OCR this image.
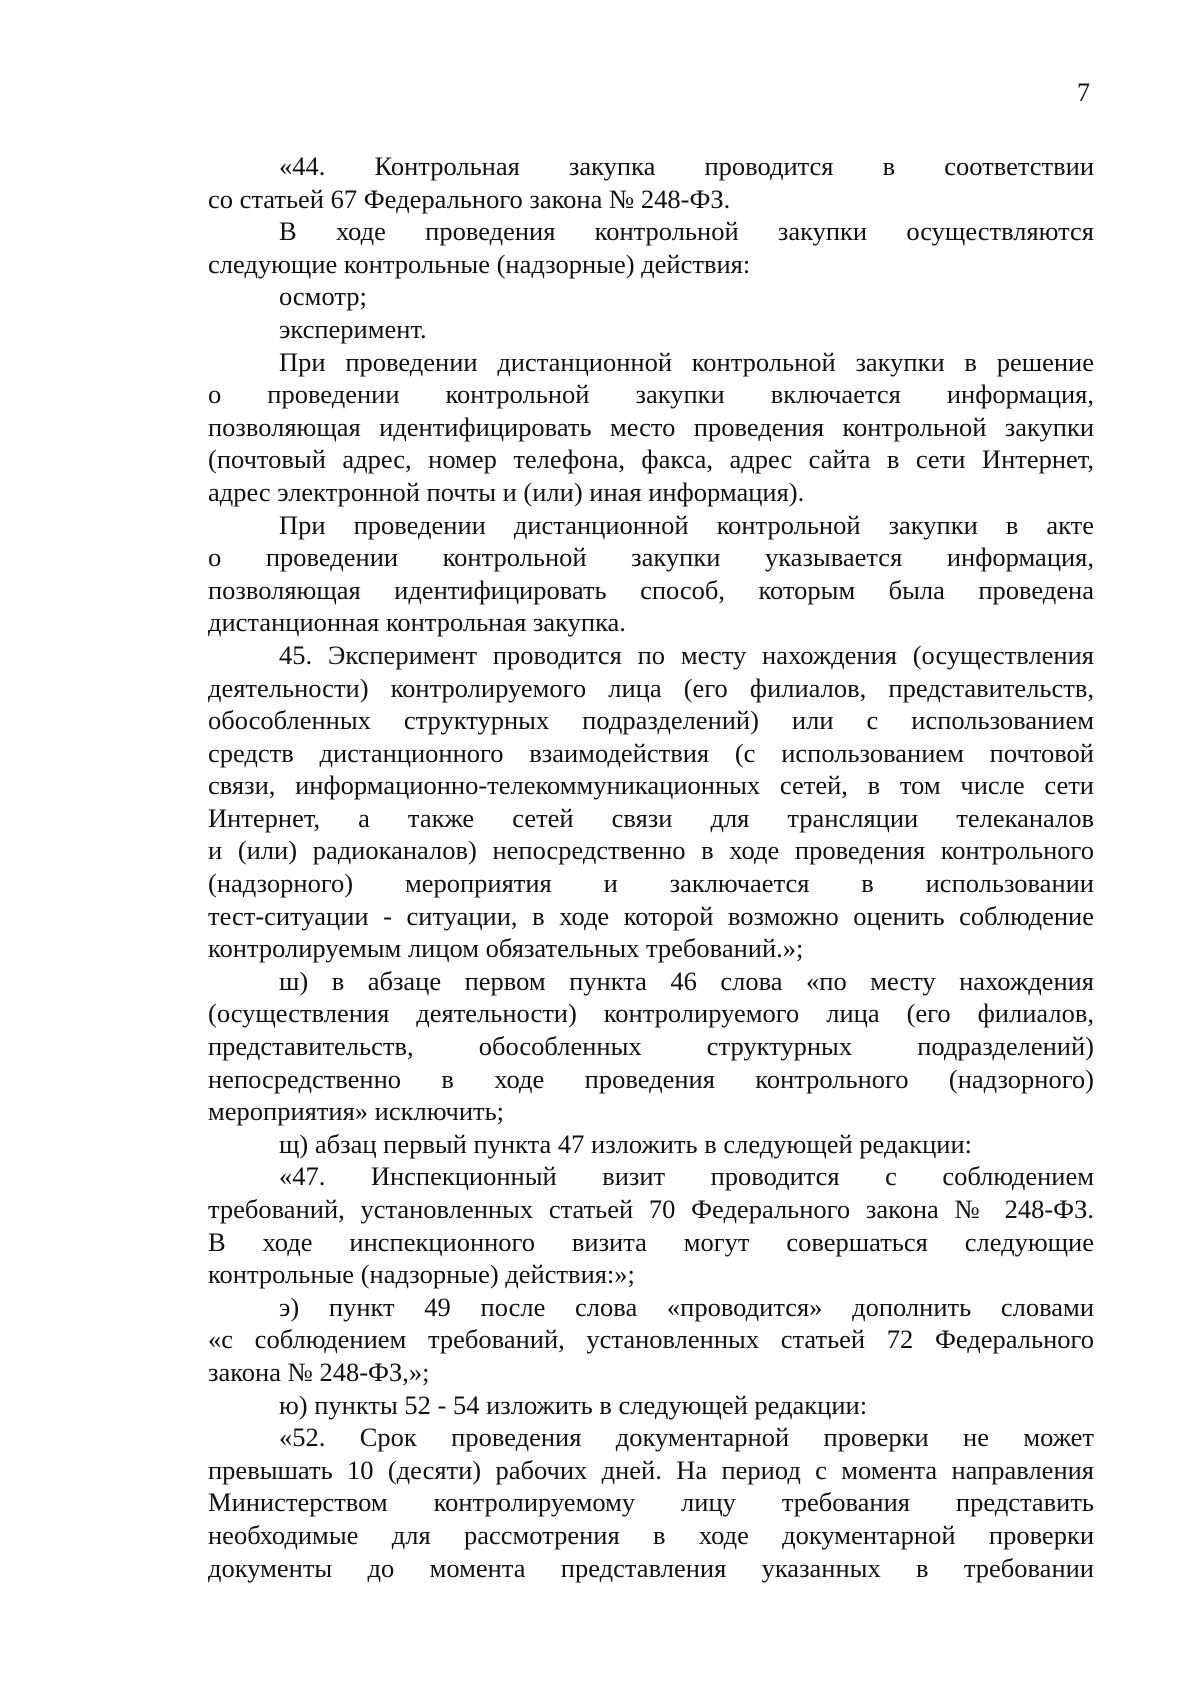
7

«44. Контрольная закупка проводится в соответствии
со статьей 67 Федерального закона № 248-ФЗ.

В ходе проведения контрольной закупки осуществляются
следующие контрольные (надзорные) действия:

осмотр;

эксперимент.

При проведении дистанционной контрольной закупки в решение
о проведении контрольной закупки включается информация,
позволяющая идентифицировать место проведения контрольной закупки
(почтовый адрес, номер телефона, факса, адрес сайта в сети Интернет,
адрес электронной почты и (или) иная информация).

При проведении дистанционной контрольной закупки в акте
о проведении контрольной закупки указывается информация,
позволяющая идентифицировать способ, которым была проведена
дистанционная контрольная закупка.

45. Эксперимент проводится по месту нахождения (осуществления
деятельности) контролируемого лица (его филиалов, представительств,
обособленных структурных подразделений) или с использованием
средств дистанционного взаимодействия (с использованием почтовой
связи, информационно-телекоммуникационных сетей, в том числе сети
Интернет, а также сетей связи для трансляции телеканалов
и (или) радиоканалов) непосредственно в ходе проведения контрольного
(надзорного) мероприятия и заключается в использовании
тест-ситуации - ситуации, в ходе которой возможно оценить соблюдение
контролируемым лицом обязательных требований.»;

ш) в абзаце первом пункта 46 слова «по месту нахождения
(осуществления деятельности) контролируемого лица (его филиалов,
представительств, обособленных структурных подразделений)
непосредственно в ходе проведения контрольного (надзорного)
мероприятия» исключить;

щ) абзац первый пункта 47 изложить в следующей редакции:

«47. Инспекционный визит проводится с соблюдением
требований, установленных статьей 70 Федерального закона № 248-ФЗ.
В ходе инспекционного визита могут совершаться следующие
контрольные (надзорные) действия:»;

э) пункт 49 после слова «проводится» дополнить словами
«с соблюдением требований, установленных статьей 72 Федерального
закона № 248-ФЗ,»;

ю) пункты 52 - 54 изложить в следующей редакции:

«52. Срок проведения документарной проверки не может
превышать 10 (десяти) рабочих дней. На период с момента направления
Министерством контролируемому лицу требования представить
необходимые для рассмотрения в ходе документарной проверки
документы до момента представления указанных в требовании
